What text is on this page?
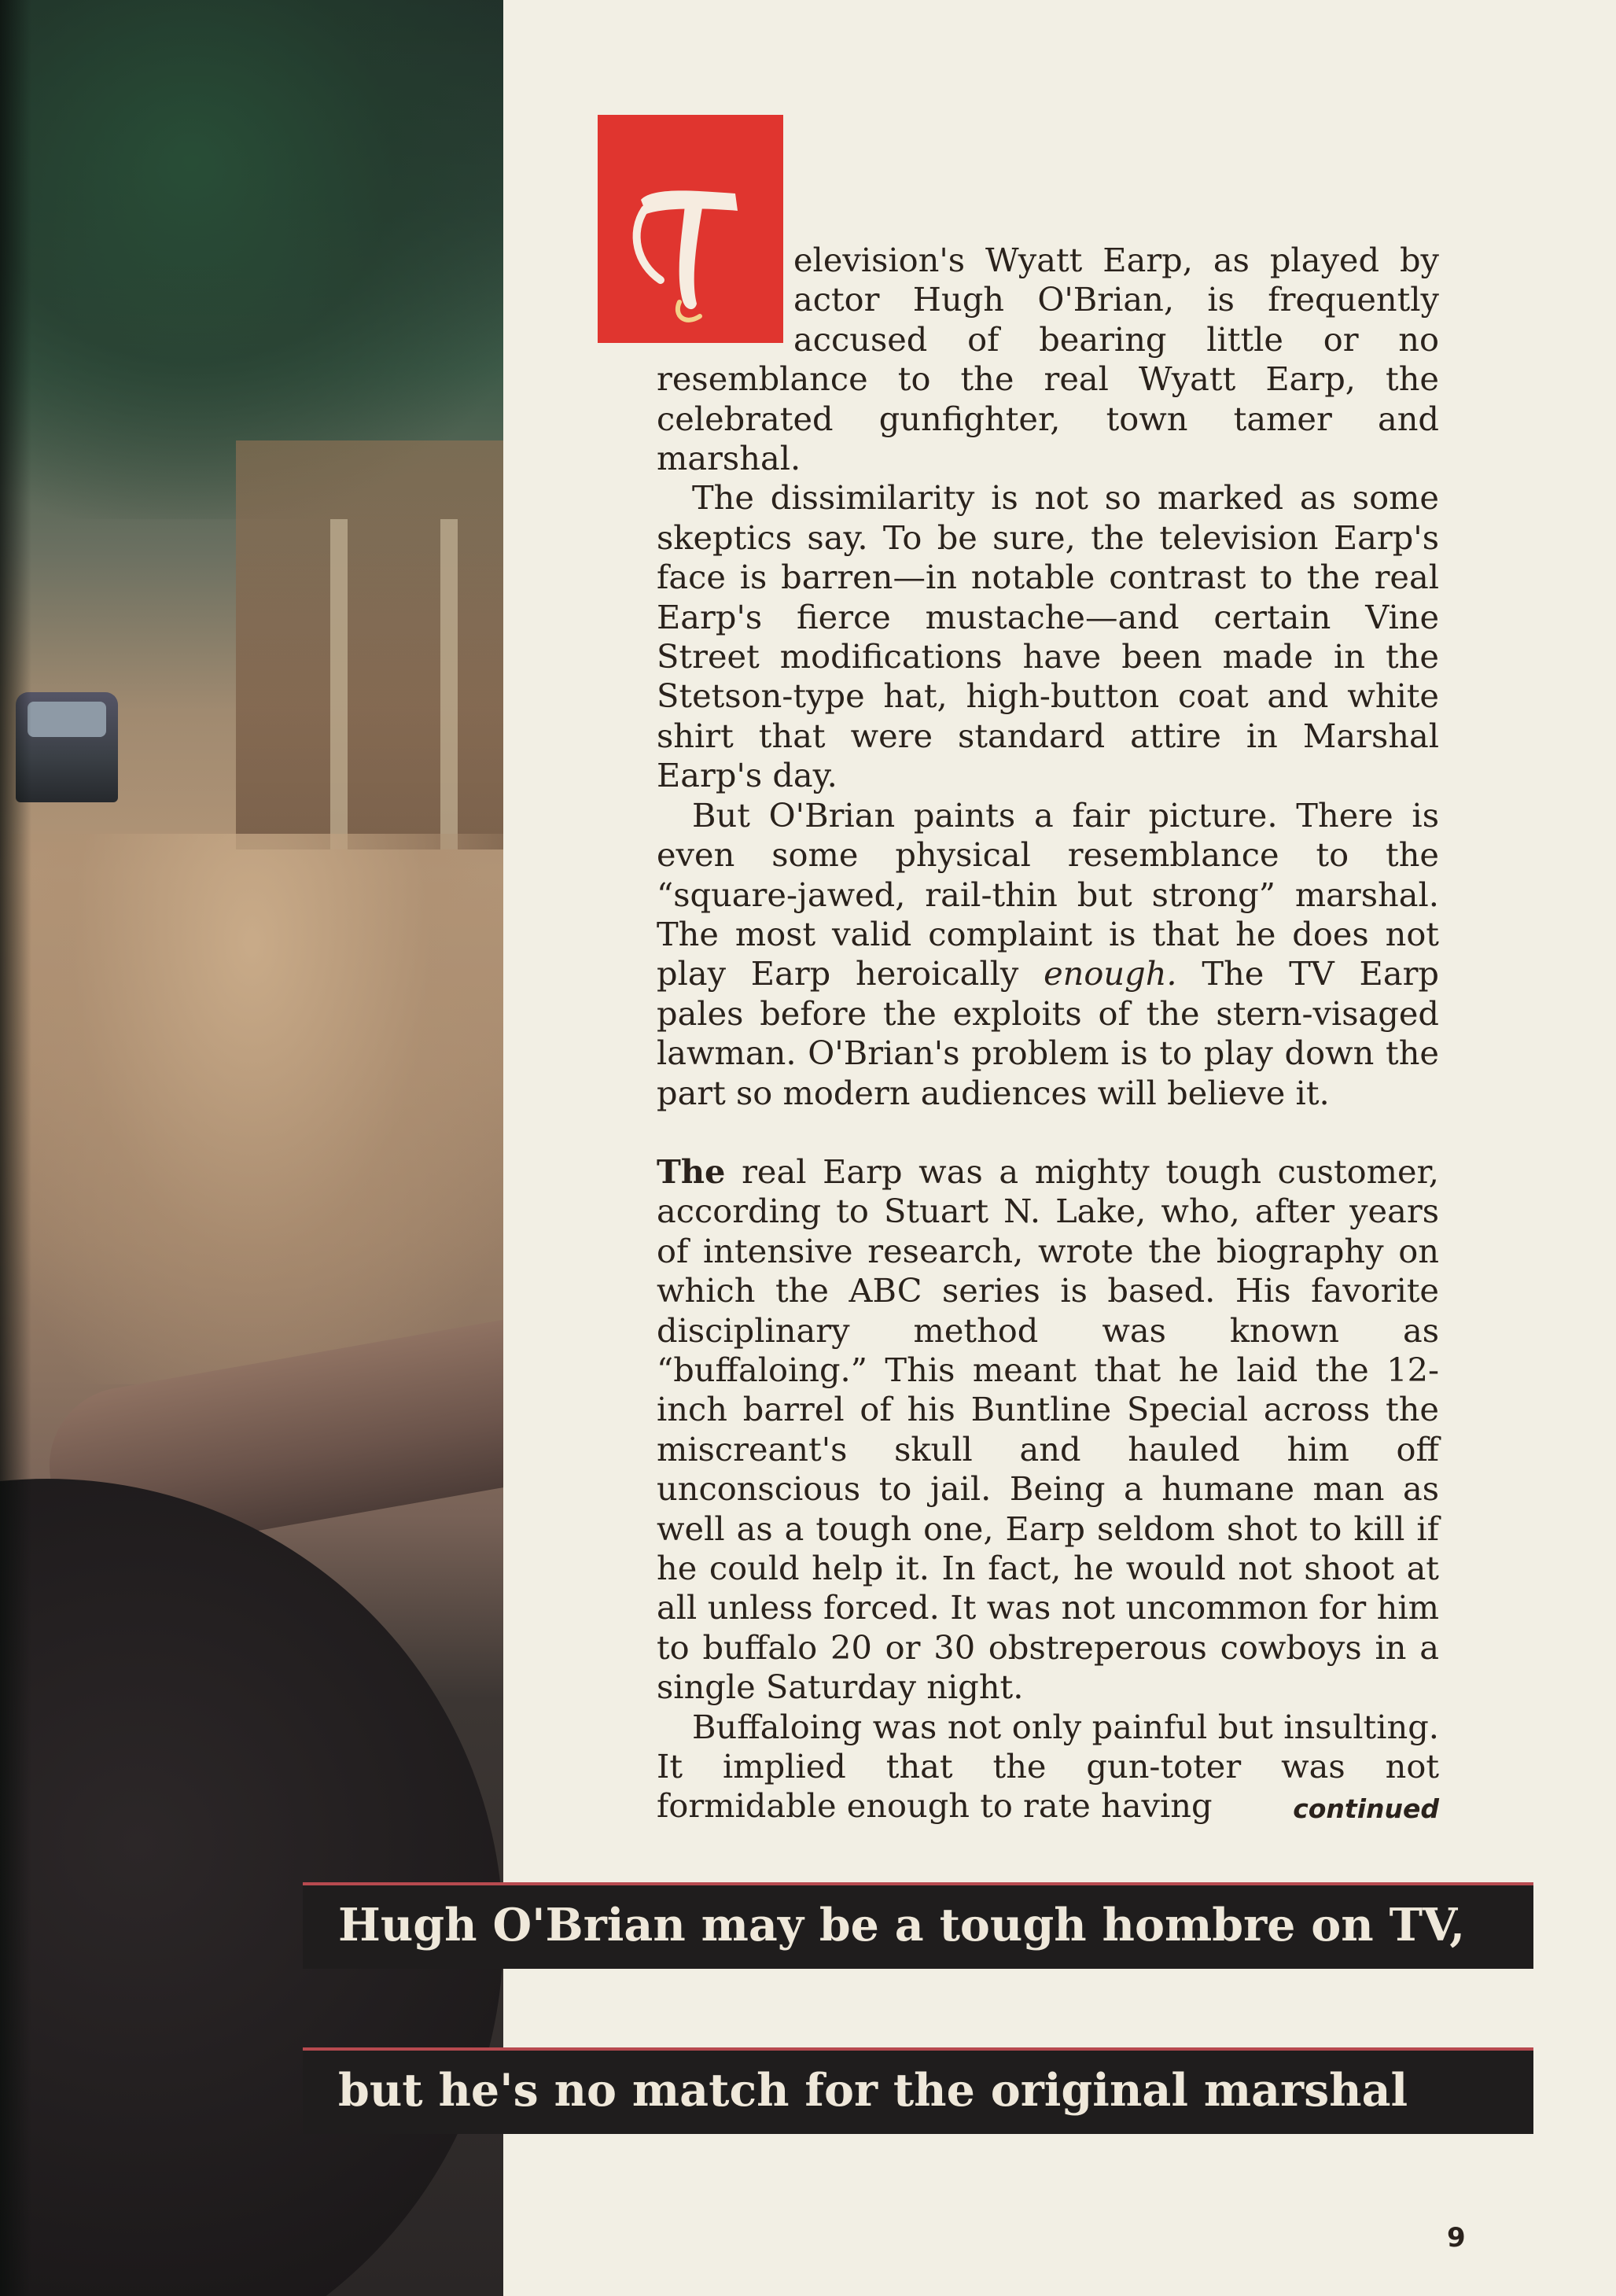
elevision's Wyatt Earp, as played by actor Hugh O'Brian, is frequently accused of bearing little or no resemblance to the real Wyatt Earp, the celebrated gunfighter, town tamer and marshal.

The dissimilarity is not so marked as some skeptics say. To be sure, the television Earp's face is barren—in notable contrast to the real Earp's fierce mustache—and certain Vine Street modifications have been made in the Stetson-type hat, high-button coat and white shirt that were standard attire in Marshal Earp's day.

But O'Brian paints a fair picture. There is even some physical resemblance to the “square-jawed, rail-thin but strong” marshal. The most valid complaint is that he does not play Earp heroically enough. The TV Earp pales before the exploits of the stern-visaged lawman. O'Brian's problem is to play down the part so modern audiences will believe it.

The real Earp was a mighty tough customer, according to Stuart N. Lake, who, after years of intensive research, wrote the biography on which the ABC series is based. His favorite disciplinary method was known as “buffaloing.” This meant that he laid the 12-inch barrel of his Buntline Special across the miscreant's skull and hauled him off unconscious to jail. Being a humane man as well as a tough one, Earp seldom shot to kill if he could help it. In fact, he would not shoot at all unless forced. It was not uncommon for him to buffalo 20 or 30 obstreperous cowboys in a single Saturday night.

Buffaloing was not only painful but insulting. It implied that the gun-toter was not formidable enough to rate having	continued

Hugh O'Brian may be a tough hombre on TV,
but he's no match for the original marshal
9
